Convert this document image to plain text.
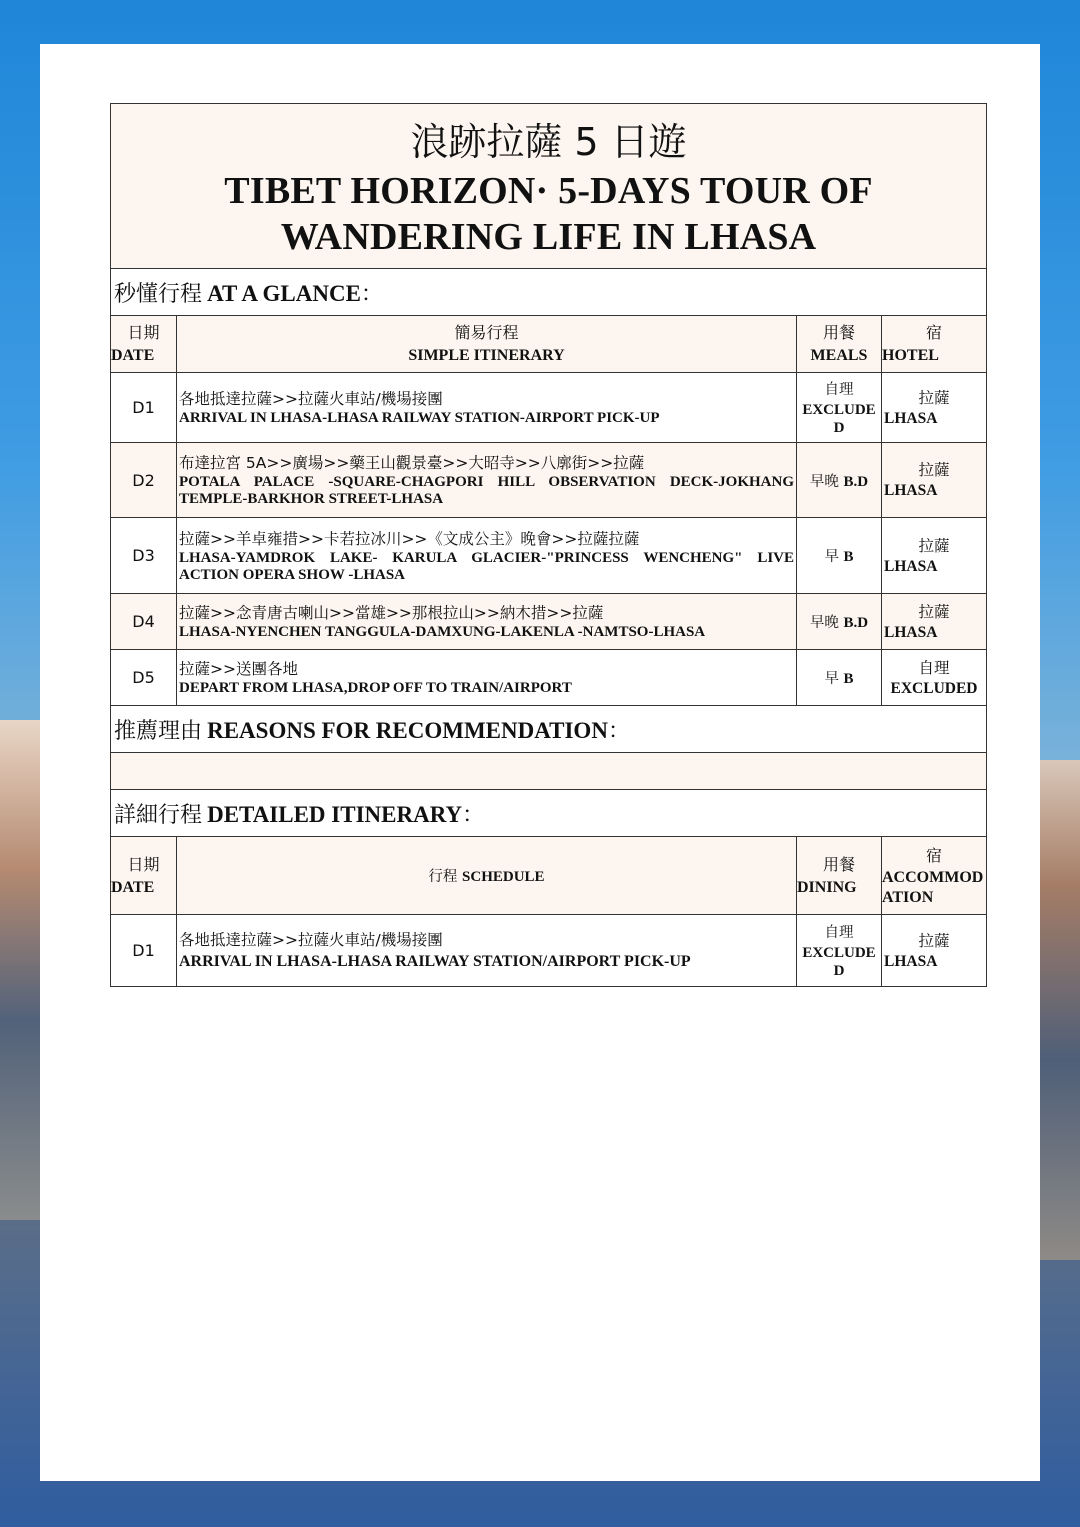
浪跡拉薩 5 日遊
TIBET HORIZON· 5-DAYS TOUR OF
WANDERING LIFE IN LHASA			

秒懂行程 AT A GLANCE：			

日期
DATE	簡易行程
SIMPLE ITINERARY	用餐
MEALS	宿
HOTEL

D1	各地抵達拉薩>>拉薩火車站/機場接團
ARRIVAL IN LHASA-LHASA RAILWAY STATION-AIRPORT PICK-UP	自理
EXCLUDED	拉薩
LHASA

D2	布達拉宮 5A>>廣場>>藥王山觀景臺>>大昭寺>>八廓街>>拉薩
POTALA PALACE -SQUARE-CHAGPORI HILL OBSERVATION DECK-JOKHANG TEMPLE-BARKHOR STREET-LHASA	早晚 B.D	拉薩
LHASA

D3	拉薩>>羊卓雍措>>卡若拉冰川>>《文成公主》晚會>>拉薩拉薩
LHASA-YAMDROK LAKE- KARULA GLACIER-"PRINCESS WENCHENG" LIVE ACTION OPERA SHOW -LHASA	早 B	拉薩
LHASA

D4	拉薩>>念青唐古喇山>>當雄>>那根拉山>>納木措>>拉薩
LHASA-NYENCHEN TANGGULA-DAMXUNG-LAKENLA -NAMTSO-LHASA	早晚 B.D	拉薩
LHASA

D5	拉薩>>送團各地
DEPART FROM LHASA,DROP OFF TO TRAIN/AIRPORT	早 B	自理
EXCLUDED

推薦理由 REASONS FOR RECOMMENDATION：			

詳細行程 DETAILED ITINERARY：			

日期
DATE	行程 SCHEDULE	用餐
DINING	宿
ACCOMMODATION

D1	各地抵達拉薩>>拉薩火車站/機場接團
ARRIVAL IN LHASA-LHASA RAILWAY STATION/AIRPORT PICK-UP	自理
EXCLUDED	拉薩
LHASA
